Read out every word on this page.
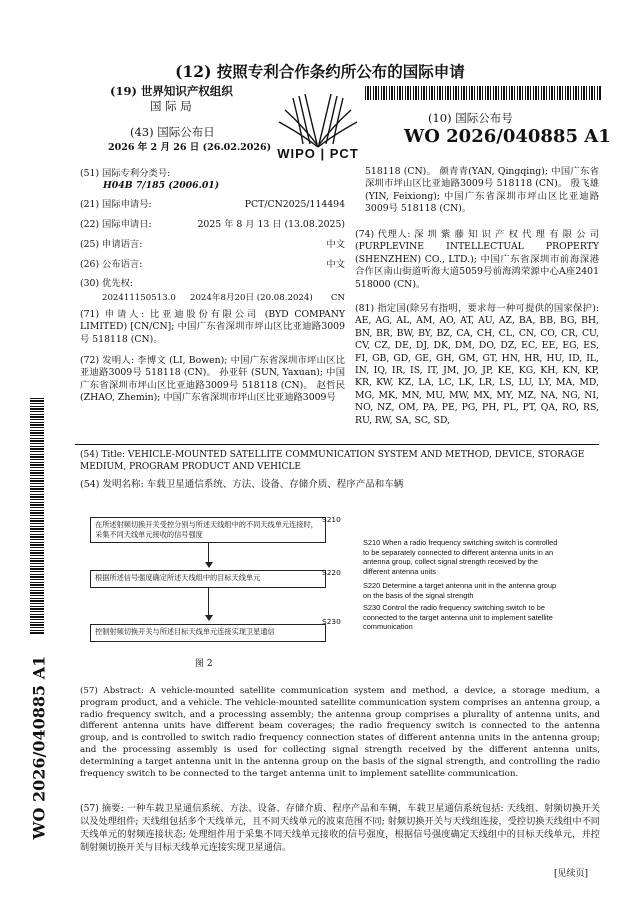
(12) 按照专利合作条约所公布的国际申请
(19) 世界知识产权组织
国 际 局
(43) 国际公布日
2026 年 2 月 26 日 (26.02.2026) WIPO | PCT
(10) 国际公布号
WO 2026/040885 A1
WO 2026/040885 A1
(51) 国际专利分类号:
H04B 7/185 (2006.01)
(21) 国际申请号:	PCT/CN2025/114494
(22) 国际申请日:	2025 年 8 月 13 日 (13.08.2025)
(25) 申请语言:	中文
(26) 公布语言:	中文
(30) 优先权:
202411150513.0 2024年8月20日 (20.08.2024) CN
(71) 申请人: 比亚迪股份有限公司 (BYD COMPANY LIMITED) [CN/CN]; 中国广东省深圳市坪山区比亚迪路3009号 518118 (CN)。
(72) 发明人: 李博文 (LI, Bowen); 中国广东省深圳市坪山区比亚迪路3009号 518118 (CN)。 孙亚轩 (SUN, Yaxuan); 中国广东省深圳市坪山区比亚迪路3009号 518118 (CN)。 赵哲民(ZHAO, Zhemin); 中国广东省深圳市坪山区比亚迪路3009号
518118 (CN)。 颜青青(YAN, Qingqing); 中国广东省深圳市坪山区比亚迪路3009号 518118 (CN)。 殷飞雄 (YIN, Feixiong); 中国广东省深圳市坪山区比亚迪路3009号 518118 (CN)。
(74) 代理人: 深 圳 紫 藤 知 识 产 权 代 理 有 限 公 司 (PURPLEVINE INTELLECTUAL PROPERTY (SHENZHEN) CO., LTD.); 中国广东省深圳市前海深港合作区南山街道听海大道5059号前海鸿荣源中心A座2401 518000 (CN)。
(81) 指定国(除另有指明，要求每一种可提供的国家保护): AE, AG, AL, AM, AO, AT, AU, AZ, BA, BB, BG, BH, BN, BR, BW, BY, BZ, CA, CH, CL, CN, CO, CR, CU, CV, CZ, DE, DJ, DK, DM, DO, DZ, EC, EE, EG, ES, FI, GB, GD, GE, GH, GM, GT, HN, HR, HU, ID, IL, IN, IQ, IR, IS, IT, JM, JO, JP, KE, KG, KH, KN, KP, KR, KW, KZ, LA, LC, LK, LR, LS, LU, LY, MA, MD, MG, MK, MN, MU, MW, MX, MY, MZ, NA, NG, NI, NO, NZ, OM, PA, PE, PG, PH, PL, PT, QA, RO, RS, RU, RW, SA, SC, SD,
(54) Title: VEHICLE-MOUNTED SATELLITE COMMUNICATION SYSTEM AND METHOD, DEVICE, STORAGE MEDIUM, PROGRAM PRODUCT AND VEHICLE
(54) 发明名称: 车载卫星通信系统、方法、设备、存储介质、程序产品和车辆
在所述射频切换开关受控分别与所述天线组中的不同天线单元连接时，采集不同天线单元接收的信号强度
S210
根据所述信号强度确定所述天线组中的目标天线单元
S220
控制射频切换开关与所述目标天线单元连接实现卫星通信
S230
图 2
S210 When a radio frequency switching switch is controlled to be separately connected to different antenna units in an antenna group, collect signal strength received by the different antenna units
S220 Determine a target antenna unit in the antenna group on the basis of the signal strength
S230 Control the radio frequency switching switch to be connected to the target antenna unit to implement satellite communication
(57) Abstract: A vehicle-mounted satellite communication system and method, a device, a storage medium, a program product, and a vehicle. The vehicle-mounted satellite communication system comprises an antenna group, a radio frequency switch, and a processing assembly; the antenna group comprises a plurality of antenna units, and different antenna units have different beam coverages; the radio frequency switch is connected to the antenna group, and is controlled to switch radio frequency connection states of different antenna units in the antenna group; and the processing assembly is used for collecting signal strength received by the different antenna units, determining a target antenna unit in the antenna group on the basis of the signal strength, and controlling the radio frequency switch to be connected to the target antenna unit to implement satellite communication.
(57) 摘要: 一种车载卫星通信系统、方法、设备、存储介质、程序产品和车辆，车载卫星通信系统包括: 天线组、射频切换开关以及处理组件; 天线组包括多个天线单元，且不同天线单元的波束范围不同; 射频切换开关与天线组连接，受控切换天线组中不同天线单元的射频连接状态; 处理组件用于采集不同天线单元接收的信号强度，根据信号强度确定天线组中的目标天线单元，并控制射频切换开关与目标天线单元连接实现卫星通信。
[见续页]
